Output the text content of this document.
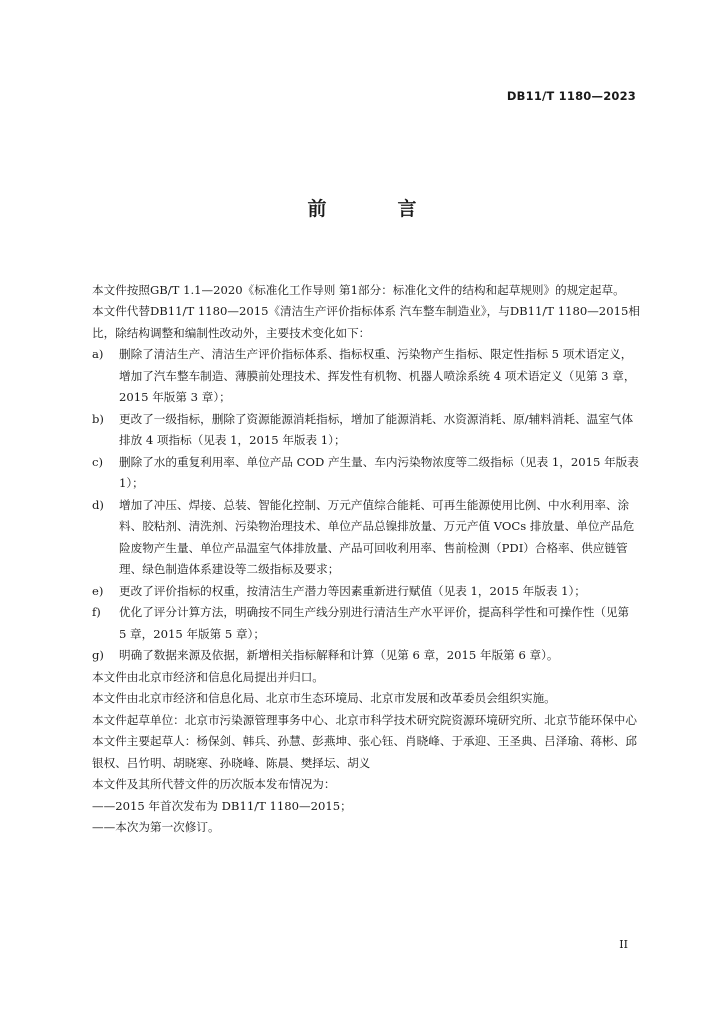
DB11/T 1180—2023
前　言

本文件按照GB/T 1.1—2020《标准化工作导则 第1部分：标准化文件的结构和起草规则》的规定起草。

本文件代替DB11/T 1180—2015《清洁生产评价指标体系 汽车整车制造业》，与DB11/T 1180—2015相比，除结构调整和编制性改动外，主要技术变化如下：

a)	删除了清洁生产、清洁生产评价指标体系、指标权重、污染物产生指标、限定性指标 5 项术语定义，增加了汽车整车制造、薄膜前处理技术、挥发性有机物、机器人喷涂系统 4 项术语定义（见第 3 章，2015 年版第 3 章）；
b)	更改了一级指标，删除了资源能源消耗指标，增加了能源消耗、水资源消耗、原/辅料消耗、温室气体排放 4 项指标（见表 1，2015 年版表 1）；
c)	删除了水的重复利用率、单位产品 COD 产生量、车内污染物浓度等二级指标（见表 1，2015 年版表 1）；
d)	增加了冲压、焊接、总装、智能化控制、万元产值综合能耗、可再生能源使用比例、中水利用率、涂料、胶粘剂、清洗剂、污染物治理技术、单位产品总镍排放量、万元产值 VOCs 排放量、单位产品危险废物产生量、单位产品温室气体排放量、产品可回收利用率、售前检测（PDI）合格率、供应链管理、绿色制造体系建设等二级指标及要求；
e)	更改了评价指标的权重，按清洁生产潜力等因素重新进行赋值（见表 1，2015 年版表 1）；
f)	优化了评分计算方法，明确按不同生产线分别进行清洁生产水平评价，提高科学性和可操作性（见第 5 章，2015 年版第 5 章）；
g)	明确了数据来源及依据，新增相关指标解释和计算（见第 6 章，2015 年版第 6 章）。

本文件由北京市经济和信息化局提出并归口。

本文件由北京市经济和信息化局、北京市生态环境局、北京市发展和改革委员会组织实施。

本文件起草单位：北京市污染源管理事务中心、北京市科学技术研究院资源环境研究所、北京节能环保中心

本文件主要起草人：杨保剑、韩兵、孙慧、彭燕坤、张心钰、肖晓峰、于承迎、王圣典、吕泽瑜、蒋彬、邱银权、吕竹明、胡晓寒、孙晓峰、陈晨、樊择坛、胡义

本文件及其所代替文件的历次版本发布情况为：

——2015 年首次发布为 DB11/T 1180—2015；

——本次为第一次修订。

II
